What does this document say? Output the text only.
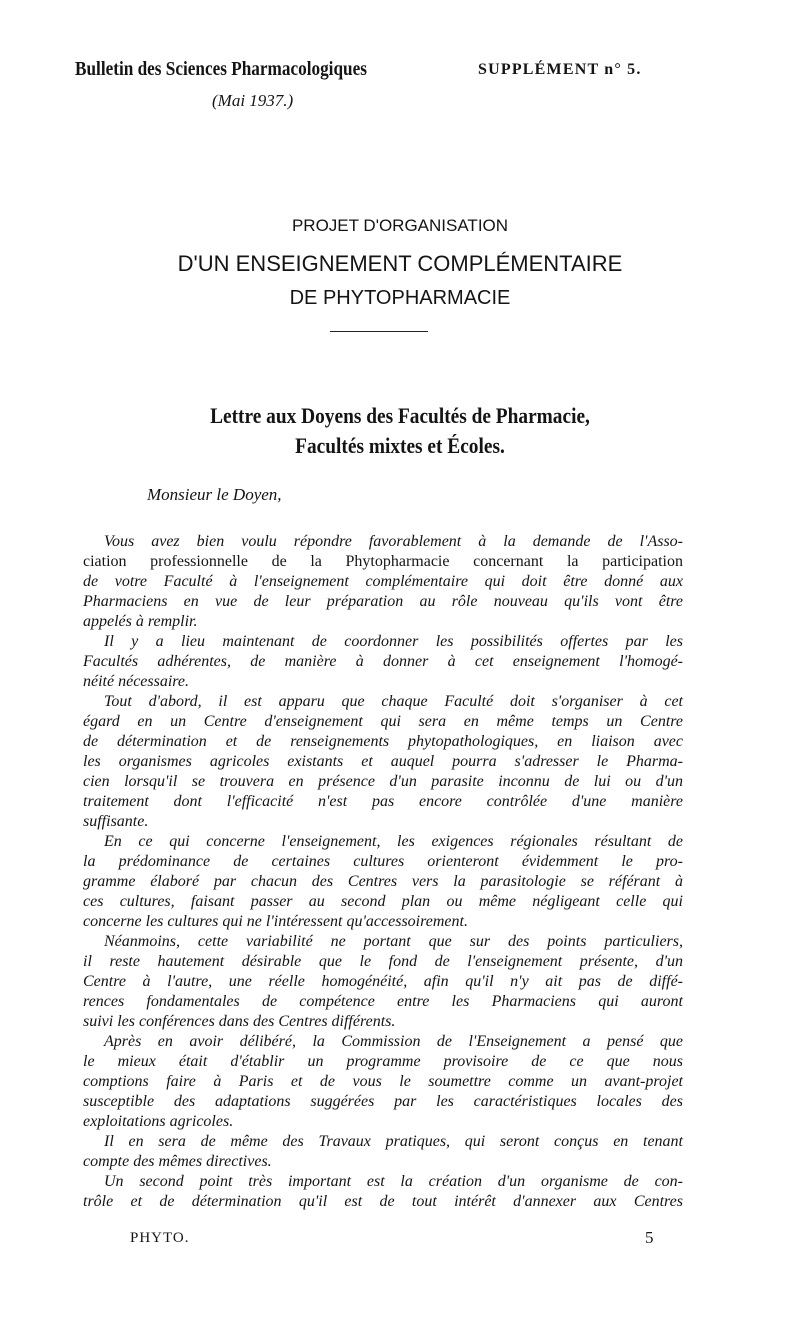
Bulletin des Sciences Pharmacologiques	SUPPLÉMENT n° 5.
(Mai 1937.)
PROJET D'ORGANISATION
D'UN ENSEIGNEMENT COMPLÉMENTAIRE
DE PHYTOPHARMACIE
Lettre aux Doyens des Facultés de Pharmacie,
Facultés mixtes et Écoles.
Monsieur le Doyen,
Vous avez bien voulu répondre favorablement à la demande de l'Asso-
ciation professionnelle de la Phytopharmacie concernant la participation
de votre Faculté à l'enseignement complémentaire qui doit être donné aux
Pharmaciens en vue de leur préparation au rôle nouveau qu'ils vont être
appelés à remplir.
Il y a lieu maintenant de coordonner les possibilités offertes par les
Facultés adhérentes, de manière à donner à cet enseignement l'homogé-
néité nécessaire.
Tout d'abord, il est apparu que chaque Faculté doit s'organiser à cet
égard en un Centre d'enseignement qui sera en même temps un Centre
de détermination et de renseignements phytopathologiques, en liaison avec
les organismes agricoles existants et auquel pourra s'adresser le Pharma-
cien lorsqu'il se trouvera en présence d'un parasite inconnu de lui ou d'un
traitement dont l'efficacité n'est pas encore contrôlée d'une manière
suffisante.
En ce qui concerne l'enseignement, les exigences régionales résultant de
la prédominance de certaines cultures orienteront évidemment le pro-
gramme élaboré par chacun des Centres vers la parasitologie se référant à
ces cultures, faisant passer au second plan ou même négligeant celle qui
concerne les cultures qui ne l'intéressent qu'accessoirement.
Néanmoins, cette variabilité ne portant que sur des points particuliers,
il reste hautement désirable que le fond de l'enseignement présente, d'un
Centre à l'autre, une réelle homogénéité, afin qu'il n'y ait pas de diffé-
rences fondamentales de compétence entre les Pharmaciens qui auront
suivi les conférences dans des Centres différents.
Après en avoir délibéré, la Commission de l'Enseignement a pensé que
le mieux était d'établir un programme provisoire de ce que nous
comptions faire à Paris et de vous le soumettre comme un avant-projet
susceptible des adaptations suggérées par les caractéristiques locales des
exploitations agricoles.
Il en sera de même des Travaux pratiques, qui seront conçus en tenant
compte des mêmes directives.
Un second point très important est la création d'un organisme de con-
trôle et de détermination qu'il est de tout intérêt d'annexer aux Centres
PHYTO.	5
